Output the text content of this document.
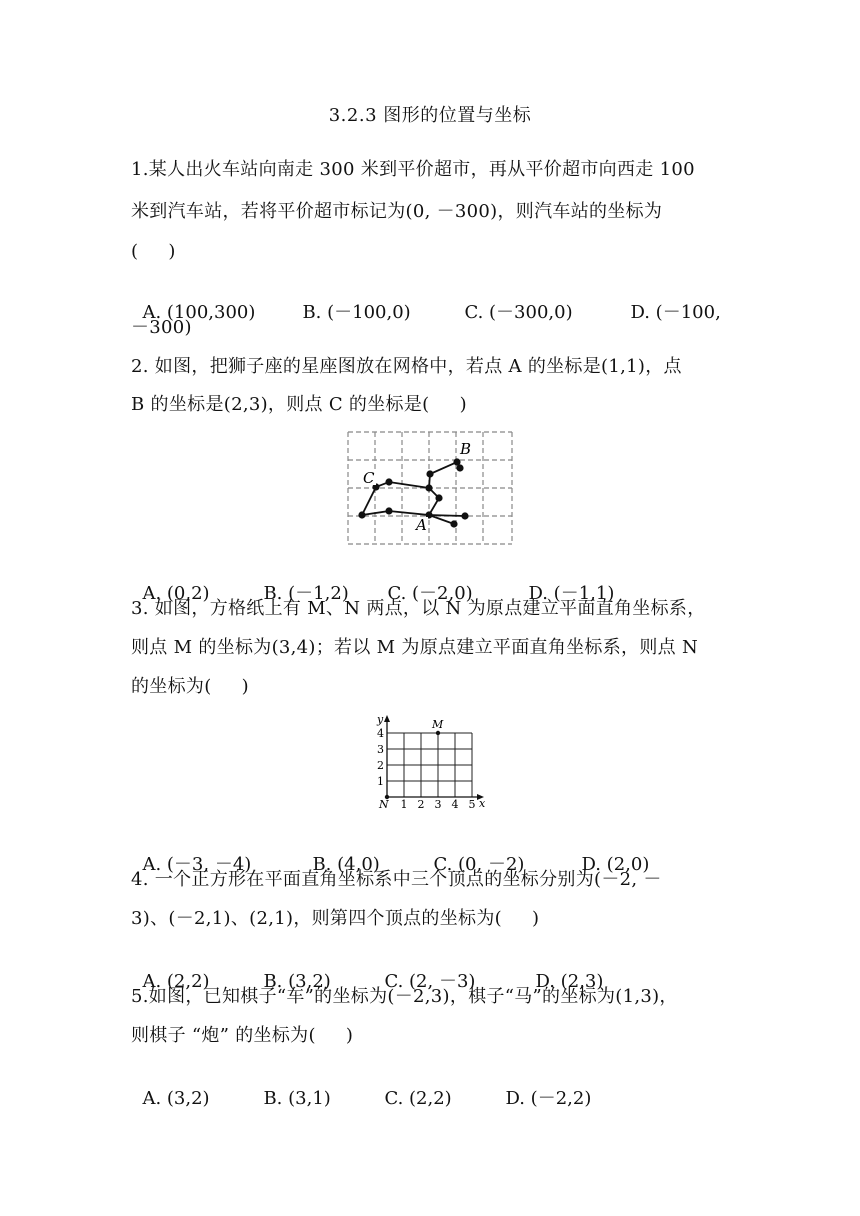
3.2.3 图形的位置与坐标
1.某人出火车站向南走 300 米到平价超市，再从平价超市向西走 100
米到汽车站，若将平价超市标记为(0, －300)，则汽车站的坐标为
(     )

A. (100,300)	B. (－100,0)	C. (－300,0)	D. (－100,

－300)
2. 如图，把狮子座的星座图放在网格中，若点 A 的坐标是(1,1)，点
B 的坐标是(2,3)，则点 C 的坐标是(     )
B
C
A

A. (0,2)	B. (－1,2) C. (－2,0)	D. (－1,1)

3. 如图，方格纸上有 M、N 两点，以 N 为原点建立平面直角坐标系，
则点 M 的坐标为(3,4)；若以 M 为原点建立平面直角坐标系，则点 N
的坐标为(     )
y
x
M
N 1 2 3 4 5
1
2
3
4

A. (－3, －4)	B. (4,0)	C. (0, －2)	D. (2,0)

4. 一个正方形在平面直角坐标系中三个顶点的坐标分别为(－2, －
3)、(－2,1)、(2,1)，则第四个顶点的坐标为(     )

A. (2,2)	B. (3,2)	C. (2, －3)	D. (2,3)

5.如图，已知棋子“车”的坐标为(－2,3)，棋子“马”的坐标为(1,3)，
则棋子 “炮” 的坐标为(     )

A. (3,2)	B. (3,1)	C. (2,2)	D. (－2,2)
